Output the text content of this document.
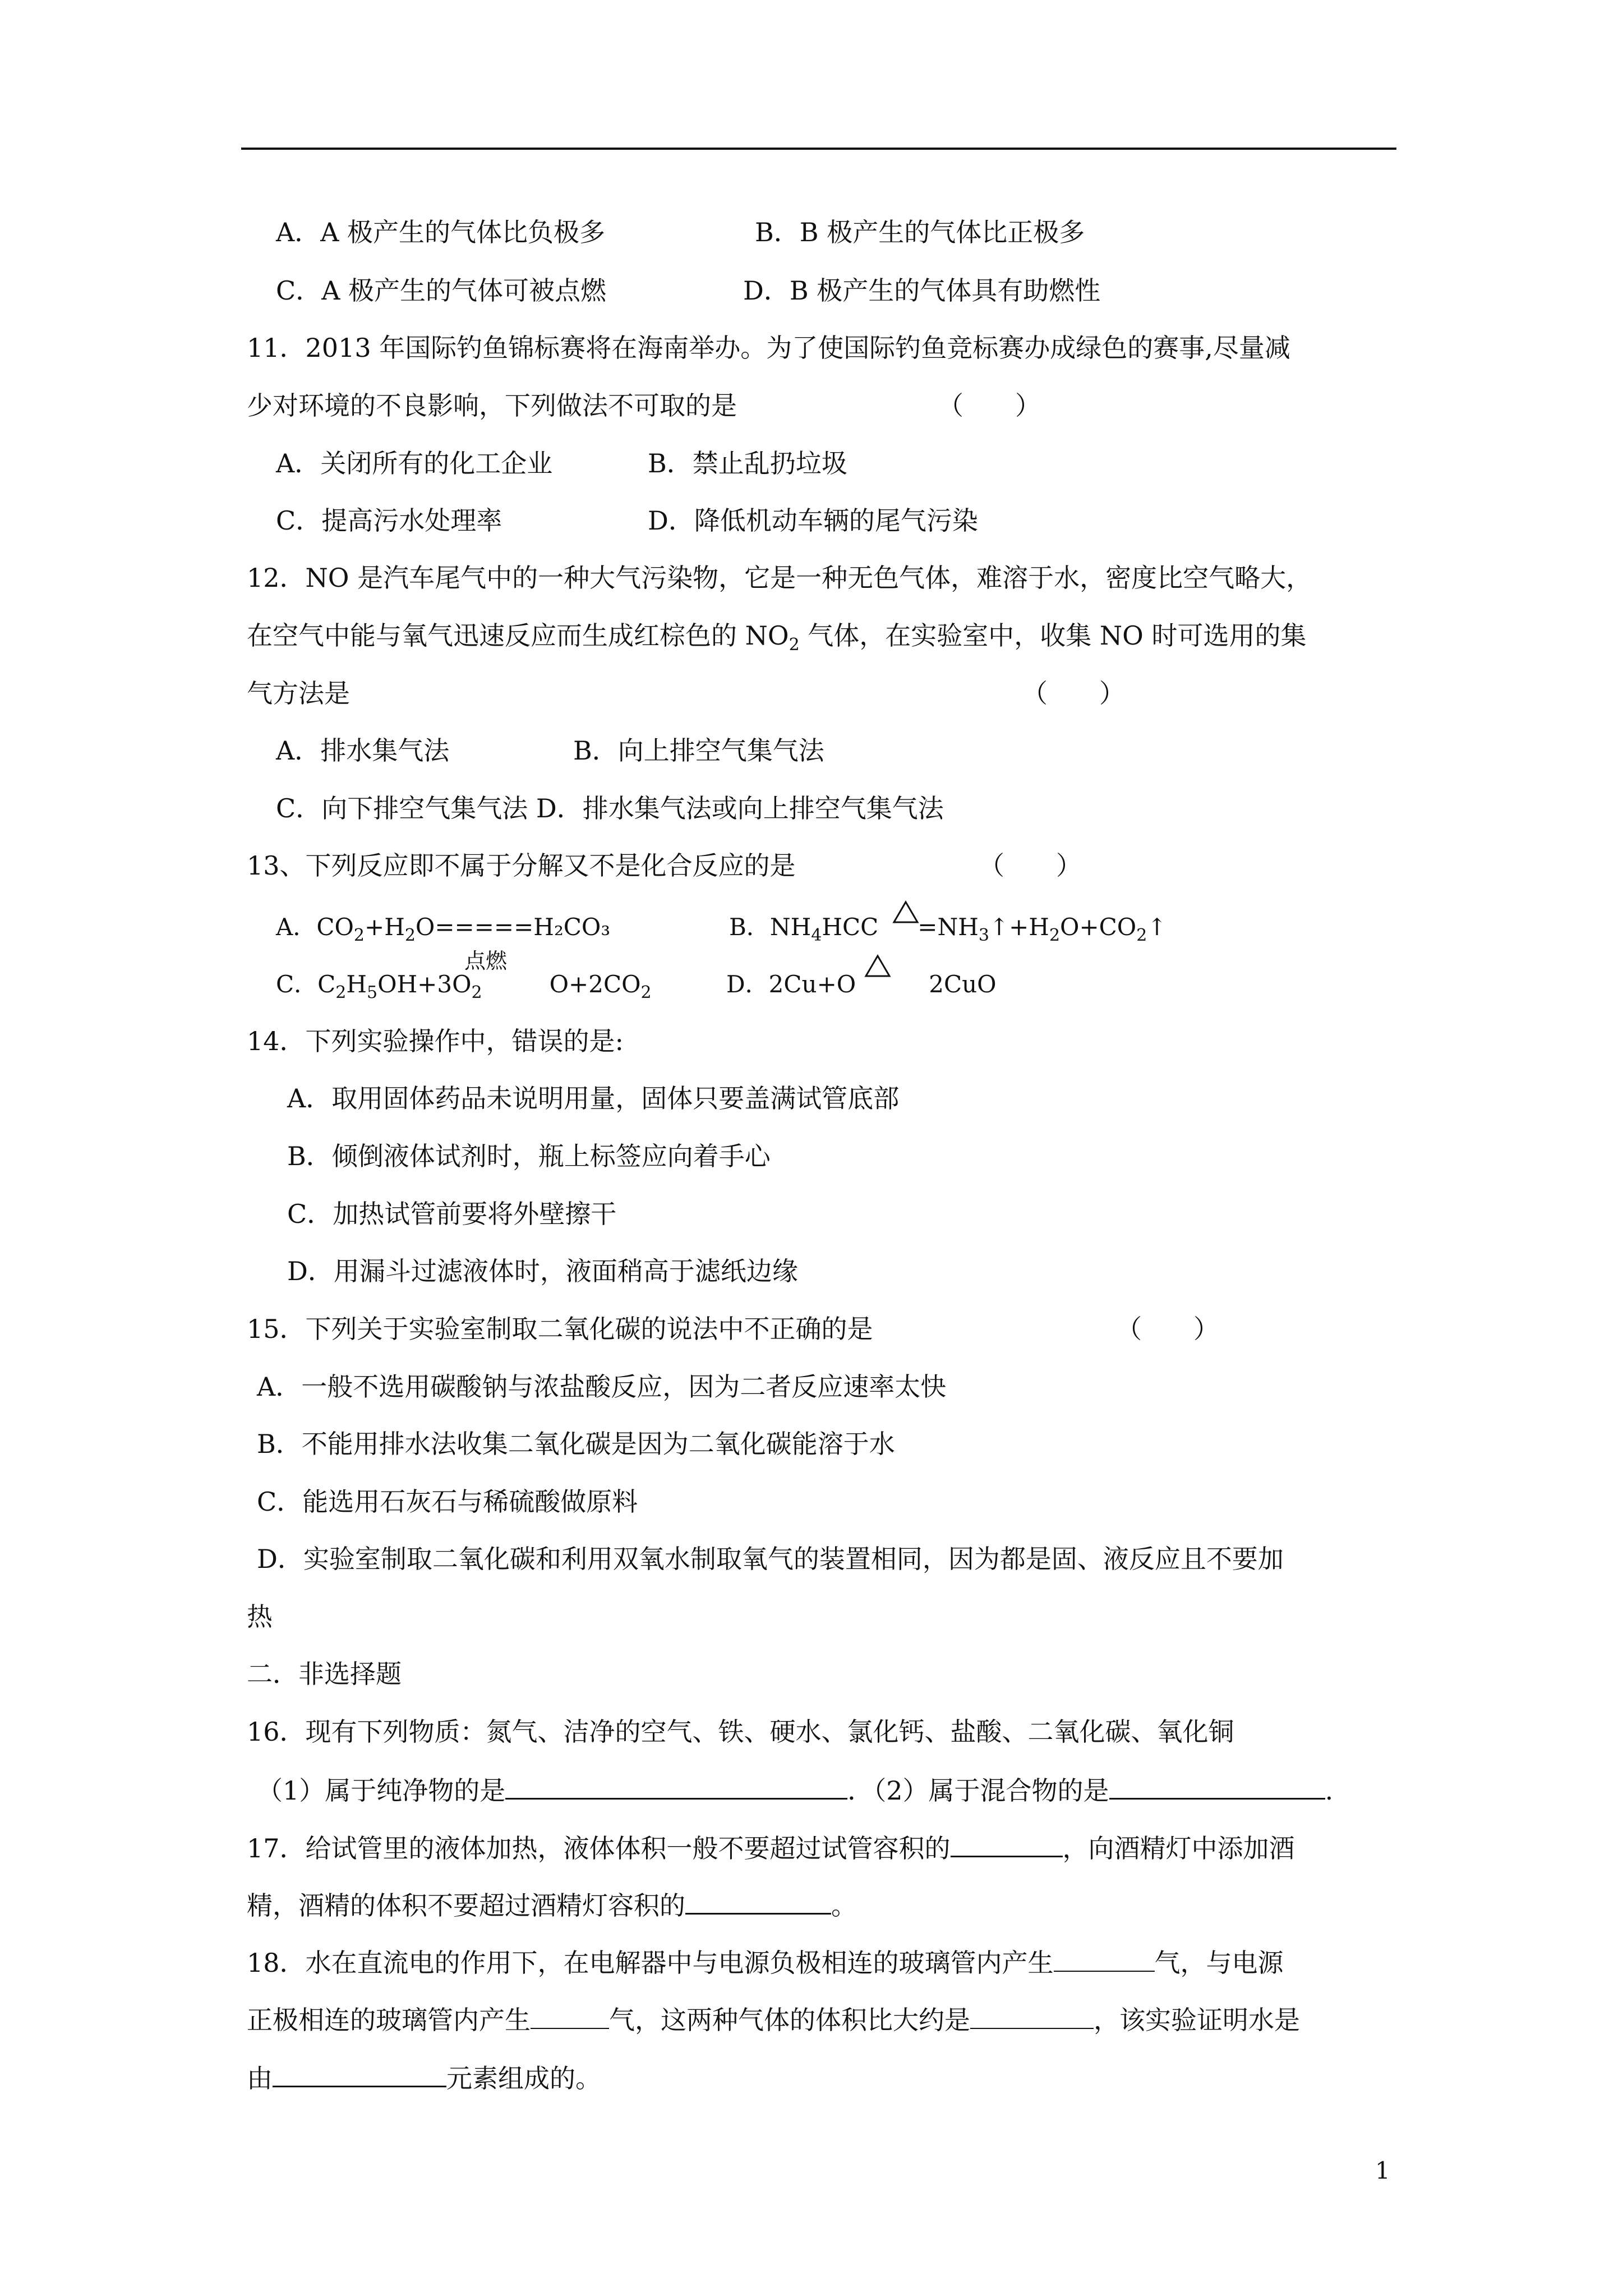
A．A 极产生的气体比负极多	B．B 极产生的气体比正极多
C．A 极产生的气体可被点燃	D．B 极产生的气体具有助燃性
11．2013 年国际钓鱼锦标赛将在海南举办。为了使国际钓鱼竞标赛办成绿色的赛事,尽量减
少对环境的不良影响，下列做法不可取的是	（　　）
A．关闭所有的化工企业	B．禁止乱扔垃圾
C．提高污水处理率	D．降低机动车辆的尾气污染
12．NO 是汽车尾气中的一种大气污染物，它是一种无色气体，难溶于水，密度比空气略大，
在空气中能与氧气迅速反应而生成红棕色的 $NO_2$ 气体，在实验室中，收集 NO 时可选用的集
气方法是	（　　）
A．排水集气法	B．向上排空气集气法
C．向下排空气集气法 D．排水集气法或向上排空气集气法
13、下列反应即不属于分解又不是化合反应的是	（　　）
A．$CO_2+H_2O=====H_2CO_3$	B．$NH_4HCC$ $=NH_3↑+H_2O+CO_2↑$
点燃
C．$C_2H_5OH+3O_2$	$O+2CO_2$	D．2Cu+O	2CuO
14．下列实验操作中，错误的是:
A．取用固体药品未说明用量，固体只要盖满试管底部
B．倾倒液体试剂时，瓶上标签应向着手心
C．加热试管前要将外壁擦干
D．用漏斗过滤液体时，液面稍高于滤纸边缘
15．下列关于实验室制取二氧化碳的说法中不正确的是	（　　）
A．一般不选用碳酸钠与浓盐酸反应，因为二者反应速率太快
B．不能用排水法收集二氧化碳是因为二氧化碳能溶于水
C．能选用石灰石与稀硫酸做原料
D．实验室制取二氧化碳和利用双氧水制取氧气的装置相同，因为都是固、液反应且不要加
热
二．非选择题
16．现有下列物质：氮气、洁净的空气、铁、硬水、氯化钙、盐酸、二氧化碳、氧化铜
（1）属于纯净物的是	．（2）属于混合物的是	.
17．给试管里的液体加热，液体体积一般不要超过试管容积的	，向酒精灯中添加酒
精，酒精的体积不要超过酒精灯容积的	。
18．水在直流电的作用下，在电解器中与电源负极相连的玻璃管内产生	气，与电源
正极相连的玻璃管内产生	气，这两种气体的体积比大约是	，该实验证明水是
由	元素组成的。
1
